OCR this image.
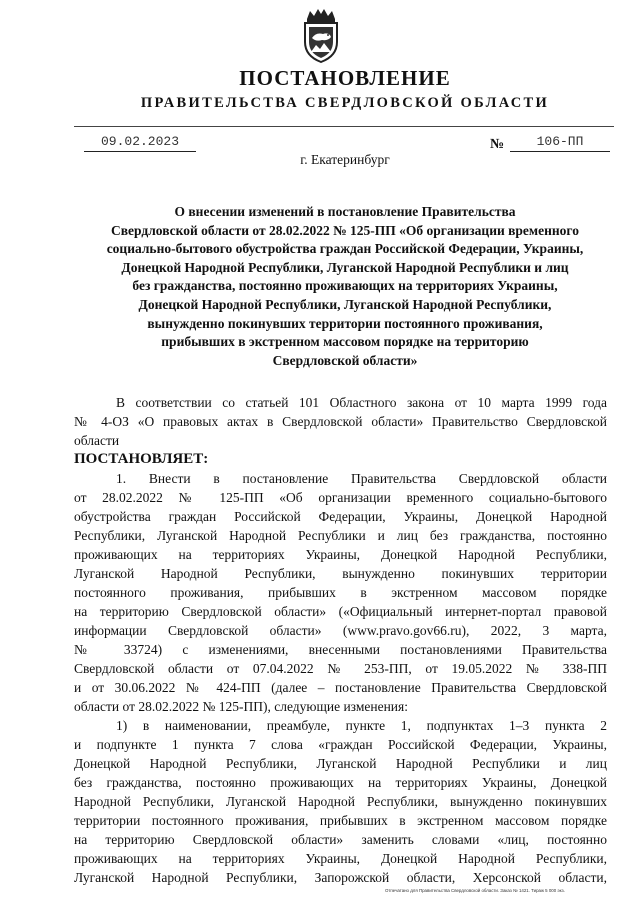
ПОСТАНОВЛЕНИЕ
ПРАВИТЕЛЬСТВА СВЕРДЛОВСКОЙ ОБЛАСТИ
09.02.2023	№	106-ПП
г. Екатеринбург
О внесении изменений в постановление Правительства
Свердловской области от 28.02.2022 № 125-ПП «Об организации временного
социально-бытового обустройства граждан Российской Федерации, Украины,
Донецкой Народной Республики, Луганской Народной Республики и лиц
без гражданства, постоянно проживающих на территориях Украины,
Донецкой Народной Республики, Луганской Народной Республики,
вынужденно покинувших территории постоянного проживания,
прибывших в экстренном массовом порядке на территорию
Свердловской области»

В соответствии со статьей 101 Областного закона от 10 марта 1999 года

№ 4-ОЗ «О правовых актах в Свердловской области» Правительство Свердловской

области

ПОСТАНОВЛЯЕТ:

1. Внести в постановление Правительства Свердловской области

от 28.02.2022 № 125-ПП «Об организации временного социально-бытового

обустройства граждан Российской Федерации, Украины, Донецкой Народной

Республики, Луганской Народной Республики и лиц без гражданства, постоянно

проживающих на территориях Украины, Донецкой Народной Республики,

Луганской Народной Республики, вынужденно покинувших территории

постоянного проживания, прибывших в экстренном массовом порядке

на территорию Свердловской области» («Официальный интернет-портал правовой

информации Свердловской области» (www.pravo.gov66.ru), 2022, 3 марта,

№ 33724) с изменениями, внесенными постановлениями Правительства

Свердловской области от 07.04.2022 № 253-ПП, от 19.05.2022 № 338-ПП

и от 30.06.2022 № 424-ПП (далее – постановление Правительства Свердловской

области от 28.02.2022 № 125-ПП), следующие изменения:

1) в наименовании, преамбуле, пункте 1, подпунктах 1–3 пункта 2

и подпункте 1 пункта 7 слова «граждан Российской Федерации, Украины,

Донецкой Народной Республики, Луганской Народной Республики и лиц

без гражданства, постоянно проживающих на территориях Украины, Донецкой

Народной Республики, Луганской Народной Республики, вынужденно покинувших

территории постоянного проживания, прибывших в экстренном массовом порядке

на территорию Свердловской области» заменить словами «лиц, постоянно

проживающих на территориях Украины, Донецкой Народной Республики,

Луганской Народной Республики, Запорожской области, Херсонской области,

Отпечатано для Правительства Свердловской области. Заказ № 1421. Тираж 5 000 экз.
